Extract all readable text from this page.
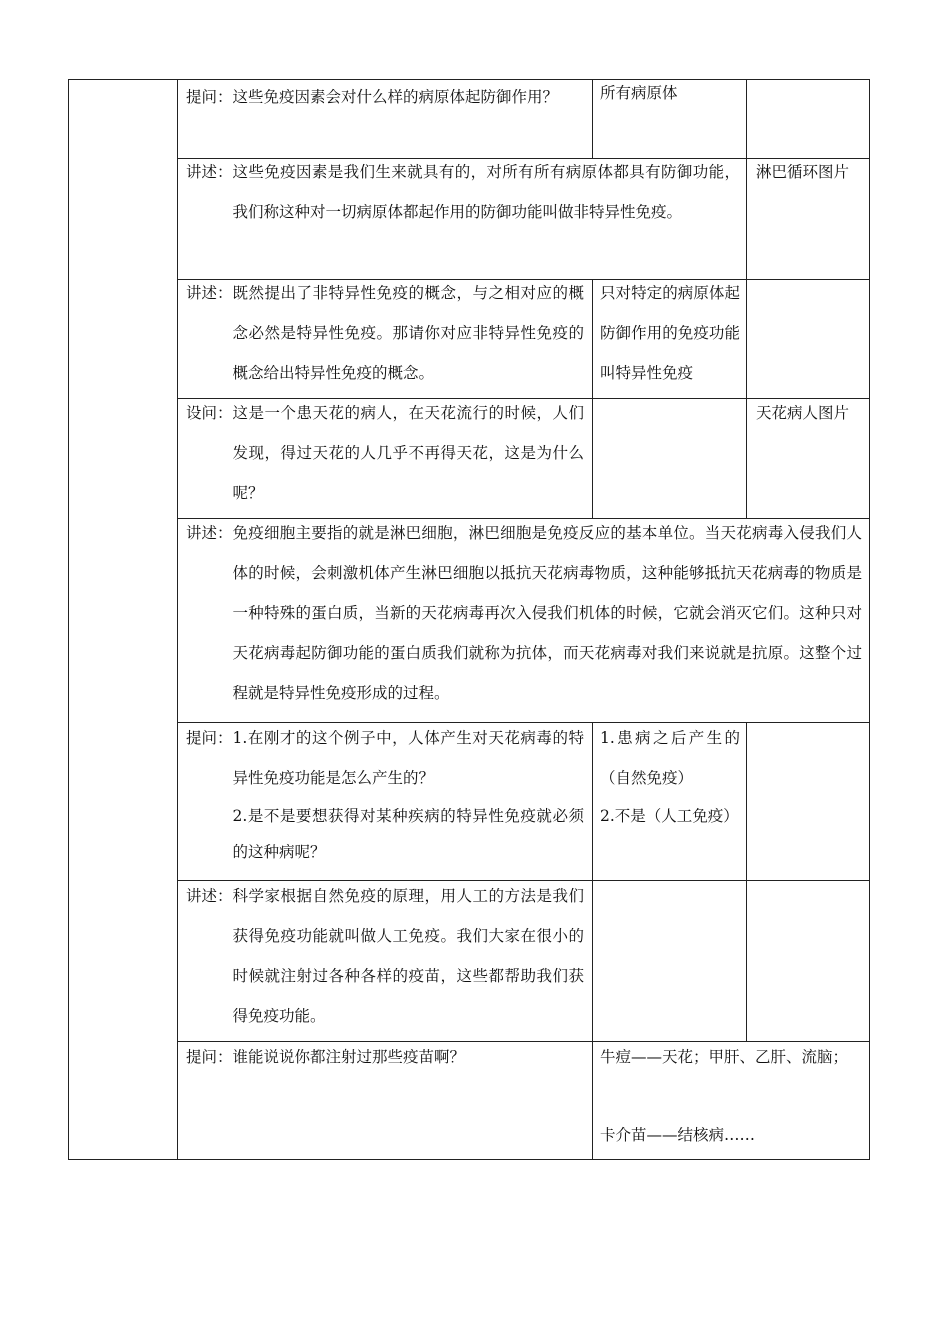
提问： 这些免疫因素会对什么样的病原体起防御作用？	所有病原体
讲述： 这些免疫因素是我们生来就具有的，对所有所有病原体都具有防御功能，我们称这种对一切病原体都起作用的防御功能叫做非特异性免疫。
淋巴循环图片
讲述： 既然提出了非特异性免疫的概念，与之相对应的概念必然是特异性免疫。那请你对应非特异性免疫的概念给出特异性免疫的概念。
只对特定的病原体起防御作用的免疫功能叫特异性免疫
设问： 这是一个患天花的病人，在天花流行的时候，人们发现，得过天花的人几乎不再得天花，这是为什么呢？
天花病人图片
讲述： 免疫细胞主要指的就是淋巴细胞，淋巴细胞是免疫反应的基本单位。当天花病毒入侵我们人体的时候，会刺激机体产生淋巴细胞以抵抗天花病毒物质，这种能够抵抗天花病毒的物质是一种特殊的蛋白质，当新的天花病毒再次入侵我们机体的时候，它就会消灭它们。这种只对天花病毒起防御功能的蛋白质我们就称为抗体，而天花病毒对我们来说就是抗原。这整个过程就是特异性免疫形成的过程。
提问： 1.在刚才的这个例子中，人体产生对天花病毒的特异性免疫功能是怎么产生的？
2.是不是要想获得对某种疾病的特异性免疫就必须的这种病呢？
1.患病之后产生的（自然免疫）
2.不是（人工免疫）
讲述： 科学家根据自然免疫的原理，用人工的方法是我们获得免疫功能就叫做人工免疫。我们大家在很小的时候就注射过各种各样的疫苗，这些都帮助我们获得免疫功能。
提问： 谁能说说你都注射过那些疫苗啊？	牛痘——天花；甲肝、乙肝、流脑；
卡介苗——结核病……
